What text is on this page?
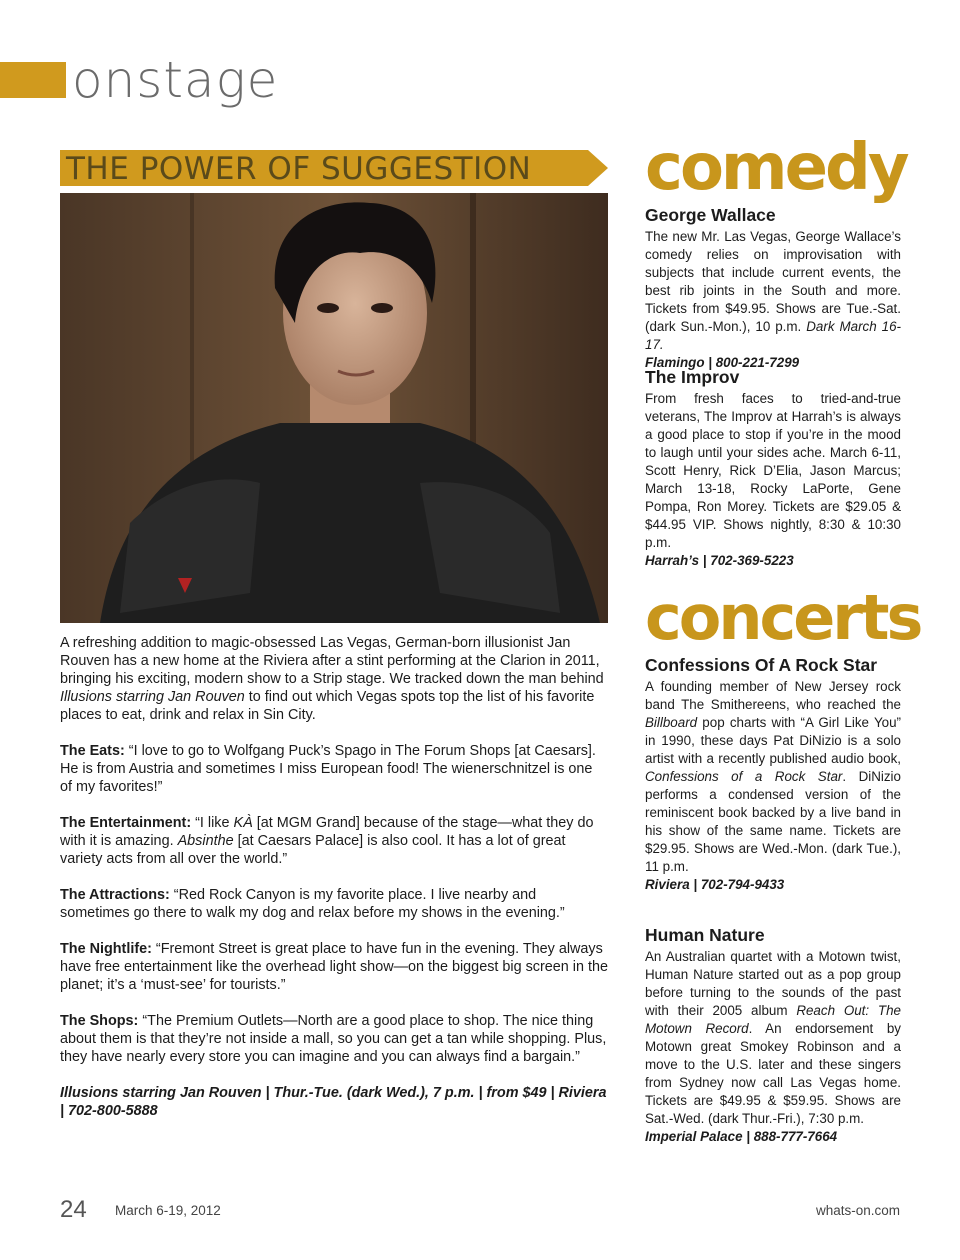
onstage
THE POWER OF SUGGESTION

A refreshing addition to magic-obsessed Las Vegas, German-born illusionist Jan Rouven has a new home at the Riviera after a stint performing at the Clarion in 2011, bringing his exciting, modern show to a Strip stage. We tracked down the man behind Illusions starring Jan Rouven to find out which Vegas spots top the list of his favorite places to eat, drink and relax in Sin City.

The Eats: “I love to go to Wolfgang Puck’s Spago in The Forum Shops [at Caesars]. He is from Austria and sometimes I miss European food! The wienerschnitzel is one of my favorites!”

The Entertainment: “I like KÀ [at MGM Grand] because of the stage—what they do with it is amazing. Absinthe [at Caesars Palace] is also cool. It has a lot of great variety acts from all over the world.”

The Attractions: “Red Rock Canyon is my favorite place. I live nearby and sometimes go there to walk my dog and relax before my shows in the evening.”

The Nightlife: “Fremont Street is great place to have fun in the evening. They always have free entertainment like the overhead light show—on the biggest big screen in the planet; it’s a ‘must-see’ for tourists.”

The Shops: “The Premium Outlets—North are a good place to shop. The nice thing about them is that they’re not inside a mall, so you can get a tan while shopping. Plus, they have nearly every store you can imagine and you can always find a bargain.”

Illusions starring Jan Rouven | Thur.-Tue. (dark Wed.), 7 p.m. | from $49 | Riviera | 702-800-5888

comedy

George Wallace

The new Mr. Las Vegas, George Wallace’s comedy relies on improvisation with subjects that include current events, the best rib joints in the South and more. Tickets from $49.95. Shows are Tue.-Sat. (dark Sun.-Mon.), 10 p.m. Dark March 16-17.

Flamingo | 800-221-7299

The Improv

From fresh faces to tried-and-true veterans, The Improv at Harrah’s is always a good place to stop if you’re in the mood to laugh until your sides ache. March 6-11, Scott Henry, Rick D’Elia, Jason Marcus; March 13-18, Rocky LaPorte, Gene Pompa, Ron Morey. Tickets are $29.05 & $44.95 VIP. Shows nightly, 8:30 & 10:30 p.m.

Harrah’s | 702-369-5223

concerts

Confessions Of A Rock Star

A founding member of New Jersey rock band The Smithereens, who reached the Billboard pop charts with “A Girl Like You” in 1990, these days Pat DiNizio is a solo artist with a recently published audio book, Confessions of a Rock Star. DiNizio performs a condensed version of the reminiscent book backed by a live band in his show of the same name. Tickets are $29.95. Shows are Wed.-Mon. (dark Tue.), 11 p.m.

Riviera | 702-794-9433

Human Nature

An Australian quartet with a Motown twist, Human Nature started out as a pop group before turning to the sounds of the past with their 2005 album Reach Out: The Motown Record. An endorsement by Motown great Smokey Robinson and a move to the U.S. later and these singers from Sydney now call Las Vegas home. Tickets are $49.95 & $59.95. Shows are Sat.-Wed. (dark Thur.-Fri.), 7:30 p.m.

Imperial Palace | 888-777-7664

24 March 6-19, 2012	whats-on.com
